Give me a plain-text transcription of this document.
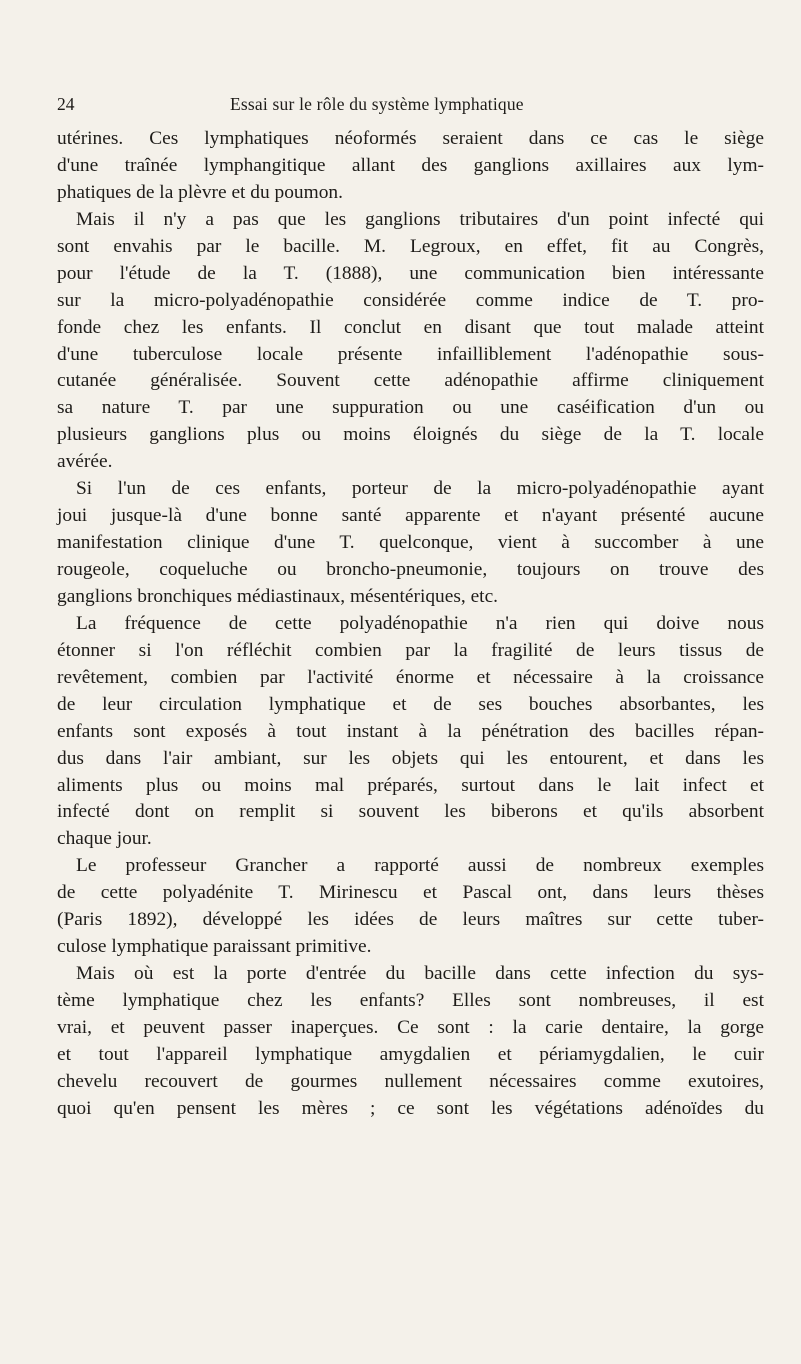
24	Essai sur le rôle du système lymphatique
utérines. Ces lymphatiques néoformés seraient dans ce cas le siège
d'une traînée lymphangitique allant des ganglions axillaires aux lym-
phatiques de la plèvre et du poumon.
Mais il n'y a pas que les ganglions tributaires d'un point infecté qui
sont envahis par le bacille. M. Legroux, en effet, fit au Congrès,
pour l'étude de la T. (1888), une communication bien intéressante
sur la micro-polyadénopathie considérée comme indice de T. pro-
fonde chez les enfants. Il conclut en disant que tout malade atteint
d'une tuberculose locale présente infailliblement l'adénopathie sous-
cutanée généralisée. Souvent cette adénopathie affirme cliniquement
sa nature T. par une suppuration ou une caséification d'un ou
plusieurs ganglions plus ou moins éloignés du siège de la T. locale
avérée.
Si l'un de ces enfants, porteur de la micro-polyadénopathie ayant
joui jusque-là d'une bonne santé apparente et n'ayant présenté aucune
manifestation clinique d'une T. quelconque, vient à succomber à une
rougeole, coqueluche ou broncho-pneumonie, toujours on trouve des
ganglions bronchiques médiastinaux, mésentériques, etc.
La fréquence de cette polyadénopathie n'a rien qui doive nous
étonner si l'on réfléchit combien par la fragilité de leurs tissus de
revêtement, combien par l'activité énorme et nécessaire à la croissance
de leur circulation lymphatique et de ses bouches absorbantes, les
enfants sont exposés à tout instant à la pénétration des bacilles répan-
dus dans l'air ambiant, sur les objets qui les entourent, et dans les
aliments plus ou moins mal préparés, surtout dans le lait infect et
infecté dont on remplit si souvent les biberons et qu'ils absorbent
chaque jour.
Le professeur Grancher a rapporté aussi de nombreux exemples
de cette polyadénite T. Mirinescu et Pascal ont, dans leurs thèses
(Paris 1892), développé les idées de leurs maîtres sur cette tuber-
culose lymphatique paraissant primitive.
Mais où est la porte d'entrée du bacille dans cette infection du sys-
tème lymphatique chez les enfants? Elles sont nombreuses, il est
vrai, et peuvent passer inaperçues. Ce sont : la carie dentaire, la gorge
et tout l'appareil lymphatique amygdalien et périamygdalien, le cuir
chevelu recouvert de gourmes nullement nécessaires comme exutoires,
quoi qu'en pensent les mères ; ce sont les végétations adénoïdes du
